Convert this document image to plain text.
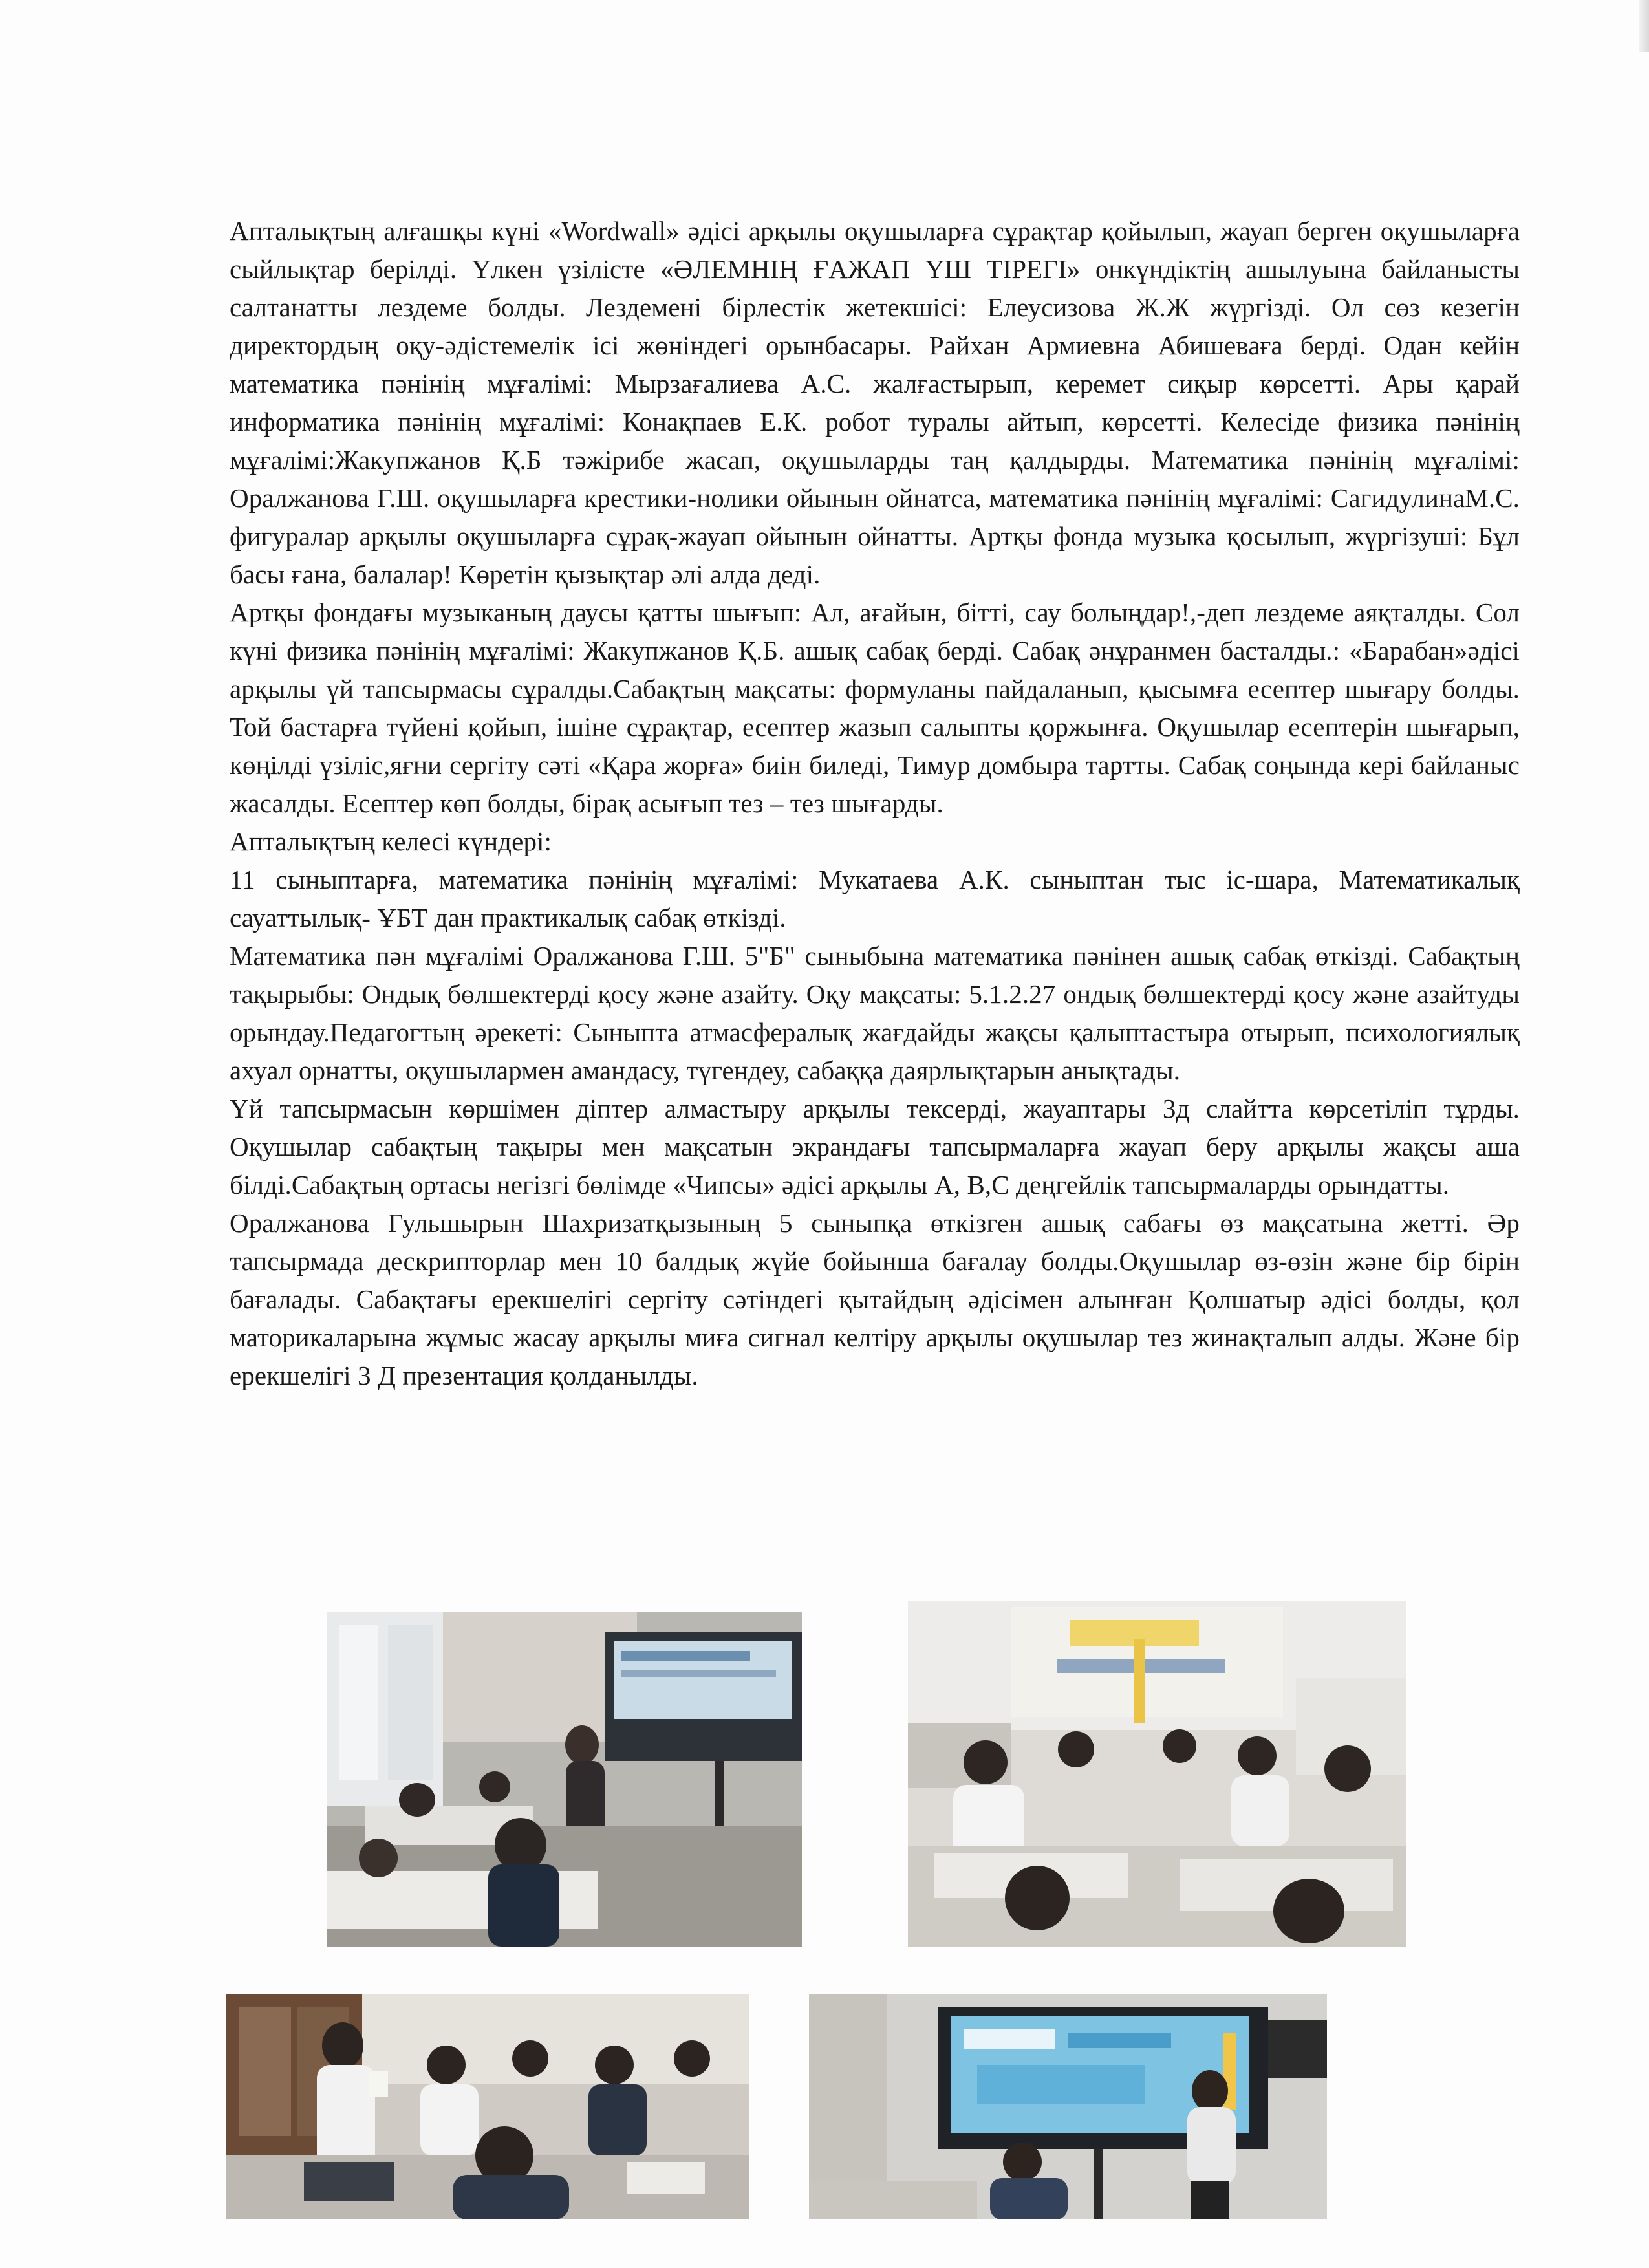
Апталықтың алғашқы күні «Wordwall» әдісі арқылы оқушыларға сұрақтар қойылып, жауап берген оқушыларға сыйлықтар берілді. Үлкен үзілісте «ӘЛЕМНІҢ ҒАЖАП ҮШ ТІРЕГІ» онкүндіктің ашылуына байланысты салтанатты лездеме болды. Лездемені бірлестік жетекшісі: Елеусизова Ж.Ж жүргізді. Ол сөз кезегін директордың оқу-әдістемелік ісі жөніндегі орынбасары. Райхан Армиевна Абишеваға берді. Одан кейін математика пәнінің мұғалімі: Мырзағалиева А.С. жалғастырып, керемет сиқыр көрсетті. Ары қарай информатика пәнінің мұғалімі: Конақпаев Е.К. робот туралы айтып, көрсетті. Келесіде физика пәнінің мұғалімі:Жакупжанов Қ.Б тәжірибе жасап, оқушыларды таң қалдырды. Математика пәнінің мұғалімі: Оралжанова Г.Ш. оқушыларға крестики-нолики ойынын ойнатса, математика пәнінің мұғалімі: СагидулинаМ.С. фигуралар арқылы оқушыларға сұрақ-жауап ойынын ойнатты. Артқы фонда музыка қосылып, жүргізуші: Бұл басы ғана, балалар! Көретін қызықтар әлі алда деді.

Артқы фондағы музыканың даусы қатты шығып: Ал, ағайын, бітті, сау болыңдар!,-деп лездеме аяқталды. Сол күні физика пәнінің мұғалімі: Жакупжанов Қ.Б. ашық сабақ берді. Сабақ әнұранмен басталды.: «Барабан»әдісі арқылы үй тапсырмасы сұралды.Сабақтың мақсаты: формуланы пайдаланып, қысымға есептер шығару болды. Той бастарға түйені қойып, ішіне сұрақтар, есептер жазып салыпты қоржынға. Оқушылар есептерін шығарып, көңілді үзіліс,яғни сергіту сәті «Қара жорға» биін биледі, Тимур домбыра тартты. Сабақ соңында кері байланыс жасалды. Есептер көп болды, бірақ асығып тез – тез шығарды.

Апталықтың келесі күндері:

11 сыныптарға, математика пәнінің мұғалімі: Мукатаева А.К. сыныптан тыс іс-шара, Математикалық сауаттылық- ҰБТ дан практикалық сабақ өткізді.

Математика пән мұғалімі Оралжанова Г.Ш. 5"Б" сыныбына математика пәнінен ашық сабақ өткізді. Сабақтың тақырыбы: Ондық бөлшектерді қосу және азайту. Оқу мақсаты: 5.1.2.27 ондық бөлшектерді қосу және азайтуды орындау.Педагогтың әрекеті: Сыныпта атмасфералық жағдайды жақсы қалыптастыра отырып, психологиялық ахуал орнатты, оқушылармен амандасу, түгендеу, сабаққа даярлықтарын анықтады.

Үй тапсырмасын көршімен діптер алмастыру арқылы тексерді, жауаптары 3д слайтта көрсетіліп тұрды. Оқушылар сабақтың тақыры мен мақсатын экрандағы тапсырмаларға жауап беру арқылы жақсы аша білді.Сабақтың ортасы негізгі бөлімде «Чипсы» әдісі арқылы А, В,С деңгейлік тапсырмаларды орындатты.

Оралжанова Гульшырын Шахризатқызының 5 сыныпқа өткізген ашық сабағы өз мақсатына жетті. Әр тапсырмада дескрипторлар мен 10 балдық жүйе бойынша бағалау болды.Оқушылар өз-өзін және бір бірін бағалады. Сабақтағы ерекшелігі сергіту сәтіндегі қытайдың әдісімен алынған Қолшатыр әдісі болды, қол маторикаларына жұмыс жасау арқылы миға сигнал келтіру арқылы оқушылар тез жинақталып алды. Және бір ерекшелігі 3 Д презентация қолданылды.
